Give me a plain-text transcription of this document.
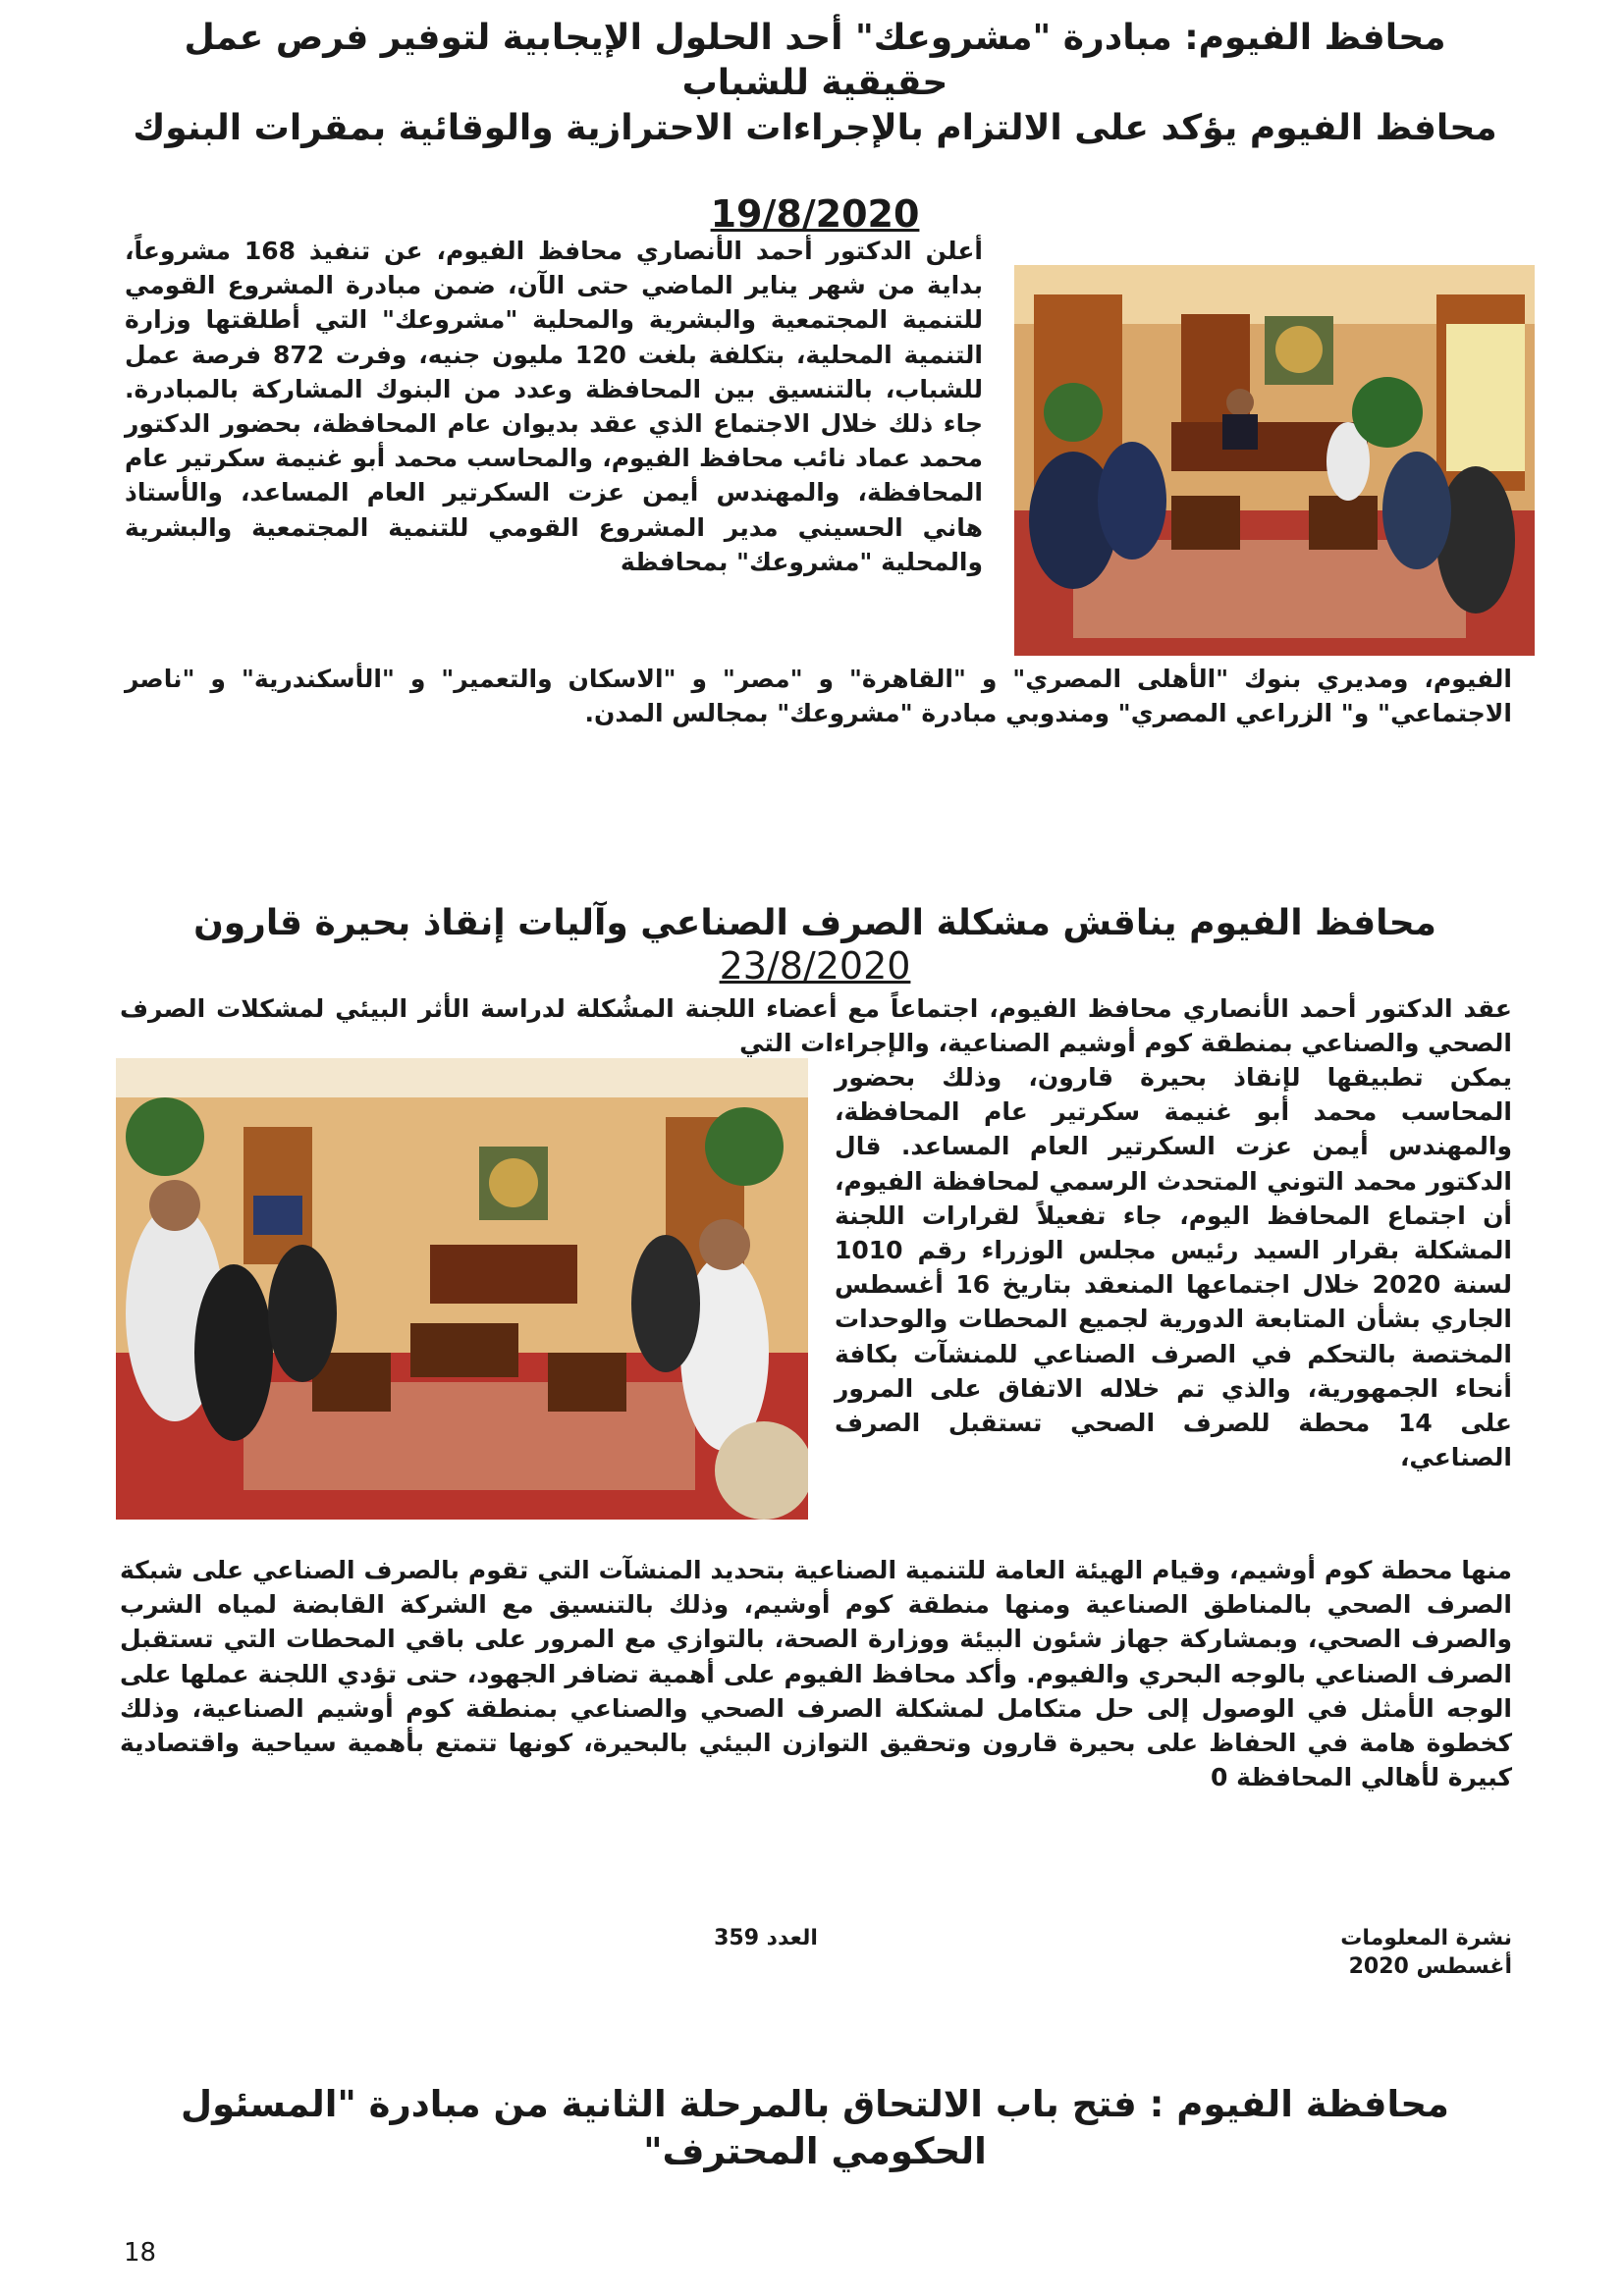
محافظ الفيوم: مبادرة "مشروعك" أحد الحلول الإيجابية لتوفير فرص عمل حقيقية للشباب
محافظ الفيوم يؤكد على الالتزام بالإجراءات الاحترازية والوقائية بمقرات البنوك
19/8/2020
أعلن الدكتور أحمد الأنصاري محافظ الفيوم، عن تنفيذ 168 مشروعاً، بداية من شهر يناير الماضي حتى الآن، ضمن مبادرة المشروع القومي للتنمية المجتمعية والبشرية والمحلية "مشروعك" التي أطلقتها وزارة التنمية المحلية، بتكلفة بلغت 120 مليون جنيه، وفرت 872 فرصة عمل للشباب، بالتنسيق بين المحافظة وعدد من البنوك المشاركة بالمبادرة. جاء ذلك خلال الاجتماع الذي عقد بديوان عام المحافظة، بحضور الدكتور محمد عماد نائب محافظ الفيوم، والمحاسب محمد أبو غنيمة سكرتير عام المحافظة، والمهندس أيمن عزت السكرتير العام المساعد، والأستاذ هاني الحسيني مدير المشروع القومي للتنمية المجتمعية والبشرية والمحلية "مشروعك" بمحافظة
الفيوم، ومديري بنوك "الأهلى المصري" و "القاهرة" و "مصر" و "الاسكان والتعمير" و "الأسكندرية" و "ناصر الاجتماعي" و" الزراعي المصري" ومندوبي مبادرة "مشروعك" بمجالس المدن.
محافظ الفيوم يناقش مشكلة الصرف الصناعي وآليات إنقاذ بحيرة قارون
23/8/2020
عقد الدكتور أحمد الأنصاري محافظ الفيوم، اجتماعاً مع أعضاء اللجنة المشُكلة لدراسة الأثر البيئي لمشكلات الصرف الصحي والصناعي بمنطقة كوم أوشيم الصناعية، والإجراءات التي
يمكن تطبيقها لإنقاذ بحيرة قارون، وذلك بحضور المحاسب محمد أبو غنيمة سكرتير عام المحافظة، والمهندس أيمن عزت السكرتير العام المساعد. قال الدكتور محمد التوني المتحدث الرسمي لمحافظة الفيوم، أن اجتماع المحافظ اليوم، جاء تفعيلاً لقرارات اللجنة المشكلة بقرار السيد رئيس مجلس الوزراء رقم 1010 لسنة 2020 خلال اجتماعها المنعقد بتاريخ 16 أغسطس الجاري بشأن المتابعة الدورية لجميع المحطات والوحدات المختصة بالتحكم في الصرف الصناعي للمنشآت بكافة أنحاء الجمهورية، والذي تم خلاله الاتفاق على المرور على 14 محطة للصرف الصحي تستقبل الصرف الصناعي،
منها محطة كوم أوشيم، وقيام الهيئة العامة للتنمية الصناعية بتحديد المنشآت التي تقوم بالصرف الصناعي على شبكة الصرف الصحي بالمناطق الصناعية ومنها منطقة كوم أوشيم، وذلك بالتنسيق مع الشركة القابضة لمياه الشرب والصرف الصحي، وبمشاركة جهاز شئون البيئة ووزارة الصحة، بالتوازي مع المرور على باقي المحطات التي تستقبل الصرف الصناعي بالوجه البحري والفيوم. وأكد محافظ الفيوم على أهمية تضافر الجهود، حتى تؤدي اللجنة عملها على الوجه الأمثل في الوصول إلى حل متكامل لمشكلة الصرف الصحي والصناعي بمنطقة كوم أوشيم الصناعية، وذلك كخطوة هامة في الحفاظ على بحيرة قارون وتحقيق التوازن البيئي بالبحيرة، كونها تتمتع بأهمية سياحية واقتصادية كبيرة لأهالي المحافظة 0
نشرة المعلومات
أغسطس 2020
العدد 359
محافظة الفيوم : فتح باب الالتحاق بالمرحلة الثانية من مبادرة "المسئول الحكومي المحترف"
18
